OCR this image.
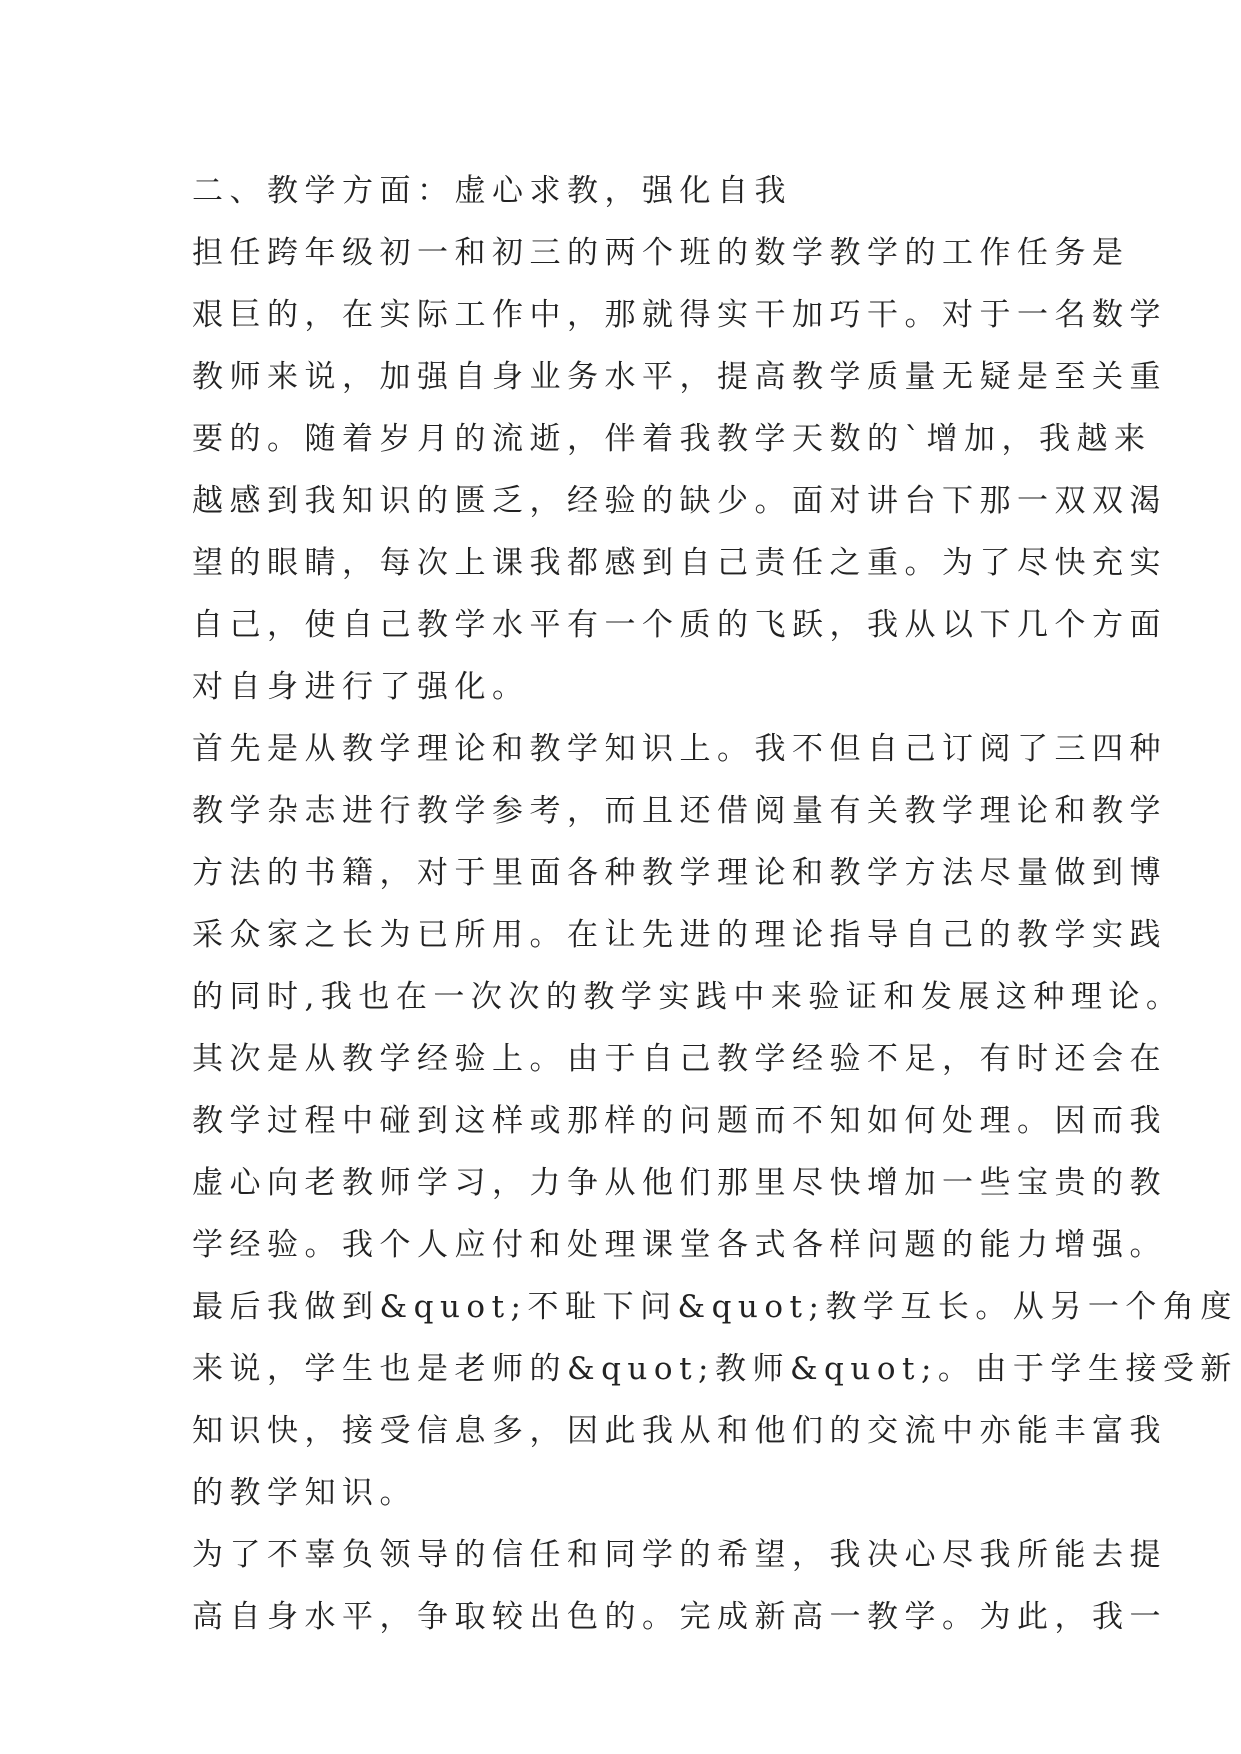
二、教学方面：虚心求教，强化自我
担任跨年级初一和初三的两个班的数学教学的工作任务是
艰巨的，在实际工作中，那就得实干加巧干。对于一名数学
教师来说，加强自身业务水平，提高教学质量无疑是至关重
要的。随着岁月的流逝，伴着我教学天数的`增加，我越来
越感到我知识的匮乏，经验的缺少。面对讲台下那一双双渴
望的眼睛，每次上课我都感到自己责任之重。为了尽快充实
自己，使自己教学水平有一个质的飞跃，我从以下几个方面
对自身进行了强化。
首先是从教学理论和教学知识上。我不但自己订阅了三四种
教学杂志进行教学参考，而且还借阅量有关教学理论和教学
方法的书籍，对于里面各种教学理论和教学方法尽量做到博
采众家之长为已所用。在让先进的理论指导自己的教学实践
的同时,我也在一次次的教学实践中来验证和发展这种理论。
其次是从教学经验上。由于自己教学经验不足，有时还会在
教学过程中碰到这样或那样的问题而不知如何处理。因而我
虚心向老教师学习，力争从他们那里尽快增加一些宝贵的教
学经验。我个人应付和处理课堂各式各样问题的能力增强。
最后我做到&quot;不耻下问&quot;教学互长。从另一个角度
来说，学生也是老师的&quot;教师&quot;。由于学生接受新
知识快，接受信息多，因此我从和他们的交流中亦能丰富我
的教学知识。
为了不辜负领导的信任和同学的希望，我决心尽我所能去提
高自身水平，争取较出色的。完成新高一教学。为此，我一
